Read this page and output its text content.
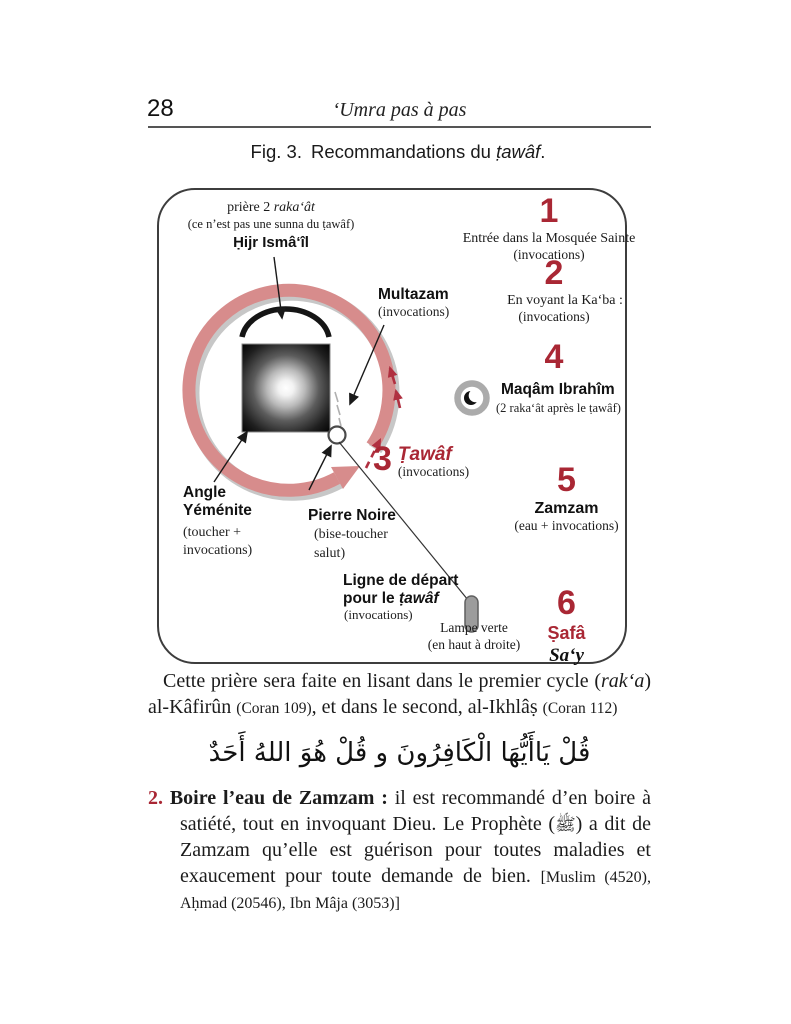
28	‘Umra pas à pas
Fig. 3. Recommandations du ṭawâf.
prière 2 raka‘ât
(ce n’est pas une sunna du ṭawâf)
Ḥijr Ismâ‘îl
Multazam
(invocations)
3 Ṭawâf
(invocations)
Angle
Yéménite
(toucher +
invocations)
Pierre Noire
(bise-toucher
salut)
Ligne de départ
pour le ṭawâf
(invocations)
Lampe verte
(en haut à droite)
1
Entrée dans la Mosquée Sainte
(invocations)
2
En voyant la Ka‘ba :
(invocations)
4
Maqâm Ibrahîm
(2 raka‘ât après le ṭawâf)
5
Zamzam
(eau + invocations)
6
Ṣafâ
Sa‘y
Cette prière sera faite en lisant dans le premier cycle (rak‘a) al-Kâfirûn (Coran 109), et dans le second, al-Ikhlâṣ (Coran 112)
قُلْ يَاأَيُّهَا الْكَافِرُونَ و قُلْ هُوَ اللهُ أَحَدٌ
2. Boire l’eau de Zamzam : il est recommandé d’en boire à satiété, tout en invoquant Dieu. Le Prophète (ﷺ) a dit de Zamzam qu’elle est guérison pour toutes maladies et exaucement pour toute demande de bien. [Muslim (4520), Aḥmad (20546), Ibn Mâja (3053)]
